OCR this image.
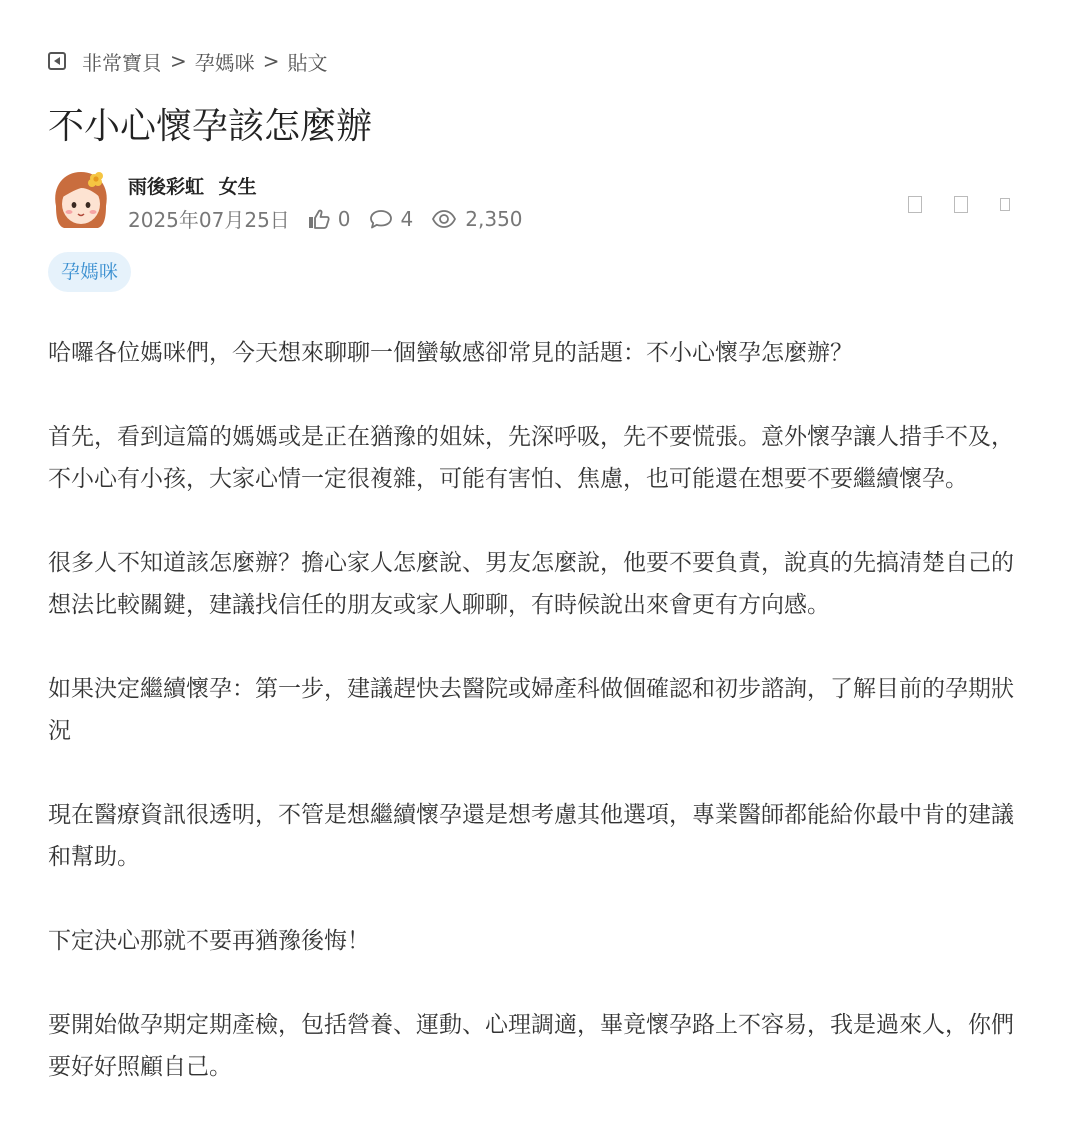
非常寶貝 > 孕媽咪 > 貼文
不小心懷孕該怎麼辦
雨後彩虹 女生
2025年07月25日 0	4	2,350
孕媽咪

哈囉各位媽咪們，今天想來聊聊一個蠻敏感卻常見的話題：不小心懷孕怎麼辦？

首先，看到這篇的媽媽或是正在猶豫的姐妹，先深呼吸，先不要慌張。意外懷孕讓人措手不及，不小心有小孩，大家心情一定很複雜，可能有害怕、焦慮，也可能還在想要不要繼續懷孕。

很多人不知道該怎麼辦？擔心家人怎麼說、男友怎麼說，他要不要負責，說真的先搞清楚自己的想法比較關鍵，建議找信任的朋友或家人聊聊，有時候說出來會更有方向感。

如果決定繼續懷孕：第一步，建議趕快去醫院或婦產科做個確認和初步諮詢，了解目前的孕期狀況

現在醫療資訊很透明，不管是想繼續懷孕還是想考慮其他選項，專業醫師都能給你最中肯的建議和幫助。

下定決心那就不要再猶豫後悔！

要開始做孕期定期產檢，包括營養、運動、心理調適，畢竟懷孕路上不容易，我是過來人，你們要好好照顧自己。
